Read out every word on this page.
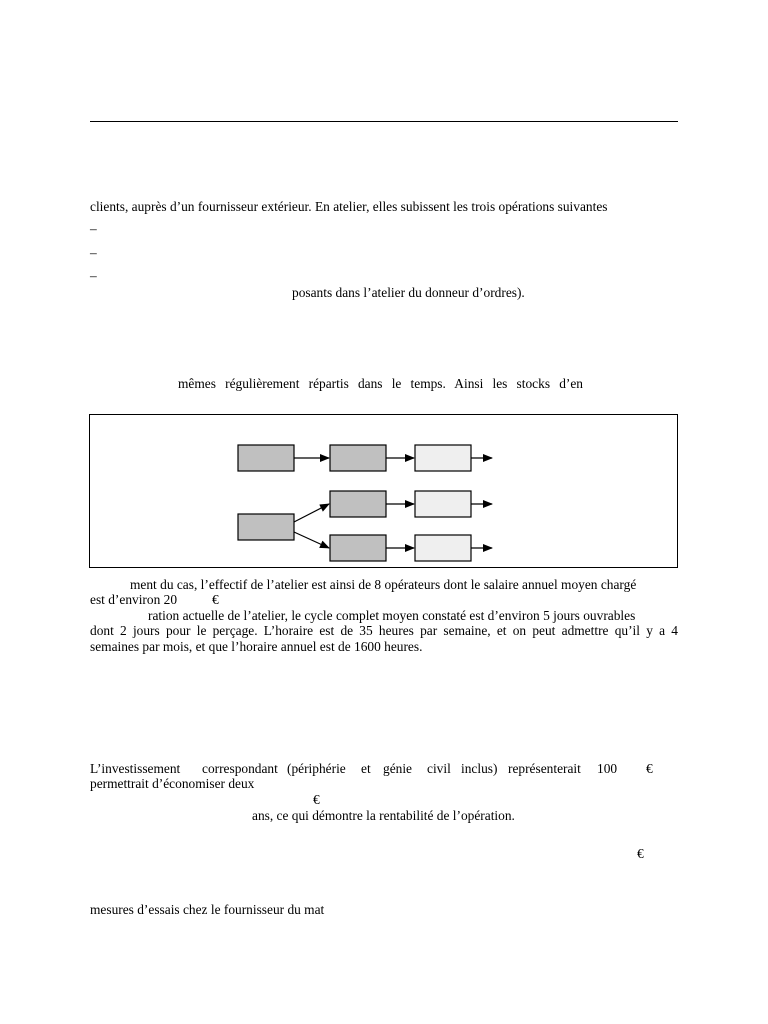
clients, auprès d’un fournisseur extérieur. En atelier, elles subissent les trois opérations suivantes
–
–
–
posants dans l’atelier du donneur d’ordres).
mêmes régulièrement répartis dans le temps. Ainsi les stocks d’en
ment du cas, l’effectif de l’atelier est ainsi de 8 opérateurs dont le salaire annuel moyen chargé
est d’environ 20	€
ration actuelle de l’atelier, le cycle complet moyen constaté est d’environ 5 jours ouvrables
dont 2 jours pour le perçage. L’horaire est de 35 heures par semaine, et on peut admettre qu’il y a 4
semaines par mois, et que l’horaire annuel est de 1600 heures.
L’investissement correspondant (périphérie et génie civil inclus) représenterait 100 €
permettrait d’économiser deux
€
ans, ce qui démontre la rentabilité de l’opération.
€
mesures d’essais chez le fournisseur du mat
